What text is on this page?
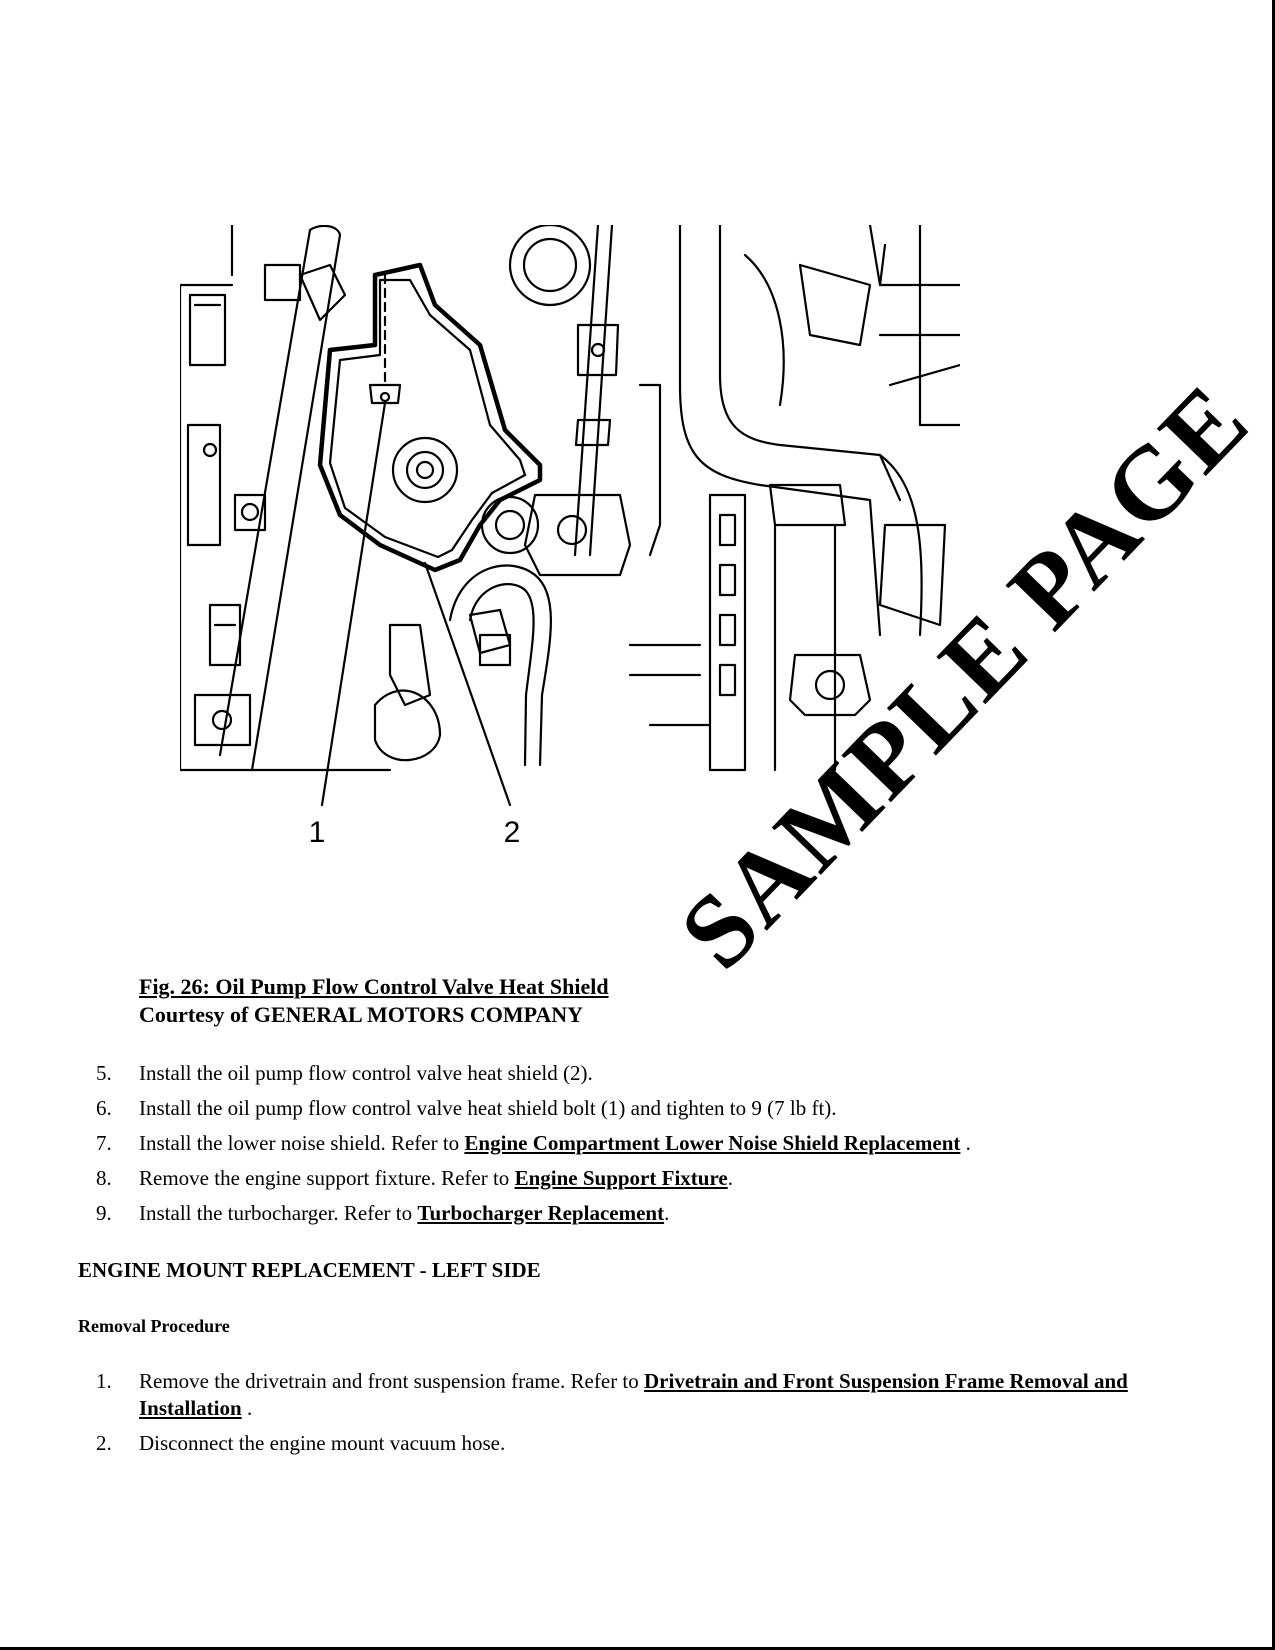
1	2
Fig. 26: Oil Pump Flow Control Valve Heat Shield
Courtesy of GENERAL MOTORS COMPANY
5.	Install the oil pump flow control valve heat shield (2).
6.	Install the oil pump flow control valve heat shield bolt (1) and tighten to 9 (7 lb ft).
7.	Install the lower noise shield. Refer to Engine Compartment Lower Noise Shield Replacement .
8.	Remove the engine support fixture. Refer to Engine Support Fixture.
9.	Install the turbocharger. Refer to Turbocharger Replacement.
ENGINE MOUNT REPLACEMENT - LEFT SIDE
Removal Procedure
1.	Remove the drivetrain and front suspension frame. Refer to Drivetrain and Front Suspension Frame Removal and Installation .
2.	Disconnect the engine mount vacuum hose.
SAMPLE PAGE
